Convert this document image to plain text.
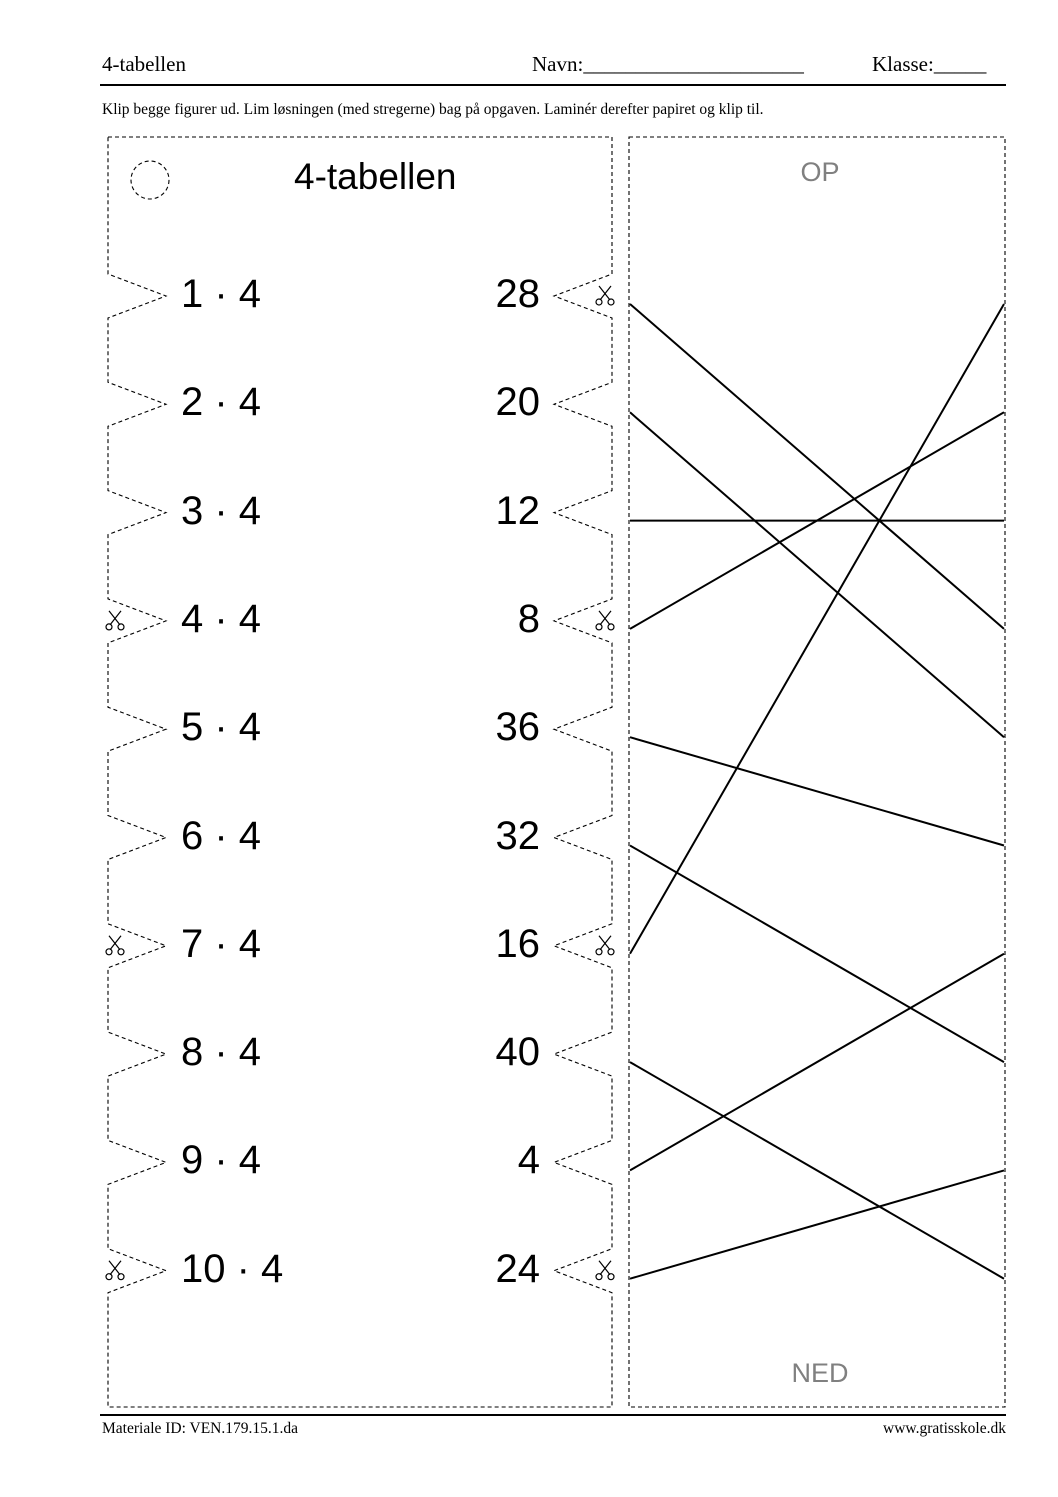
4-tabellen	Navn:_____________________	Klasse:_____
Klip begge figurer ud. Lim løsningen (med stregerne) bag på opgaven. Laminér derefter papiret og klip til.
4-tabellen
1 · 4	28
2 · 4	20
3 · 4	12
4 · 4	8
5 · 4	36
6 · 4	32
7 · 4	16
8 · 4	40
9 · 4	4
10 · 4	24
OP
NED
Materiale ID: VEN.179.15.1.da	www.gratisskole.dk
